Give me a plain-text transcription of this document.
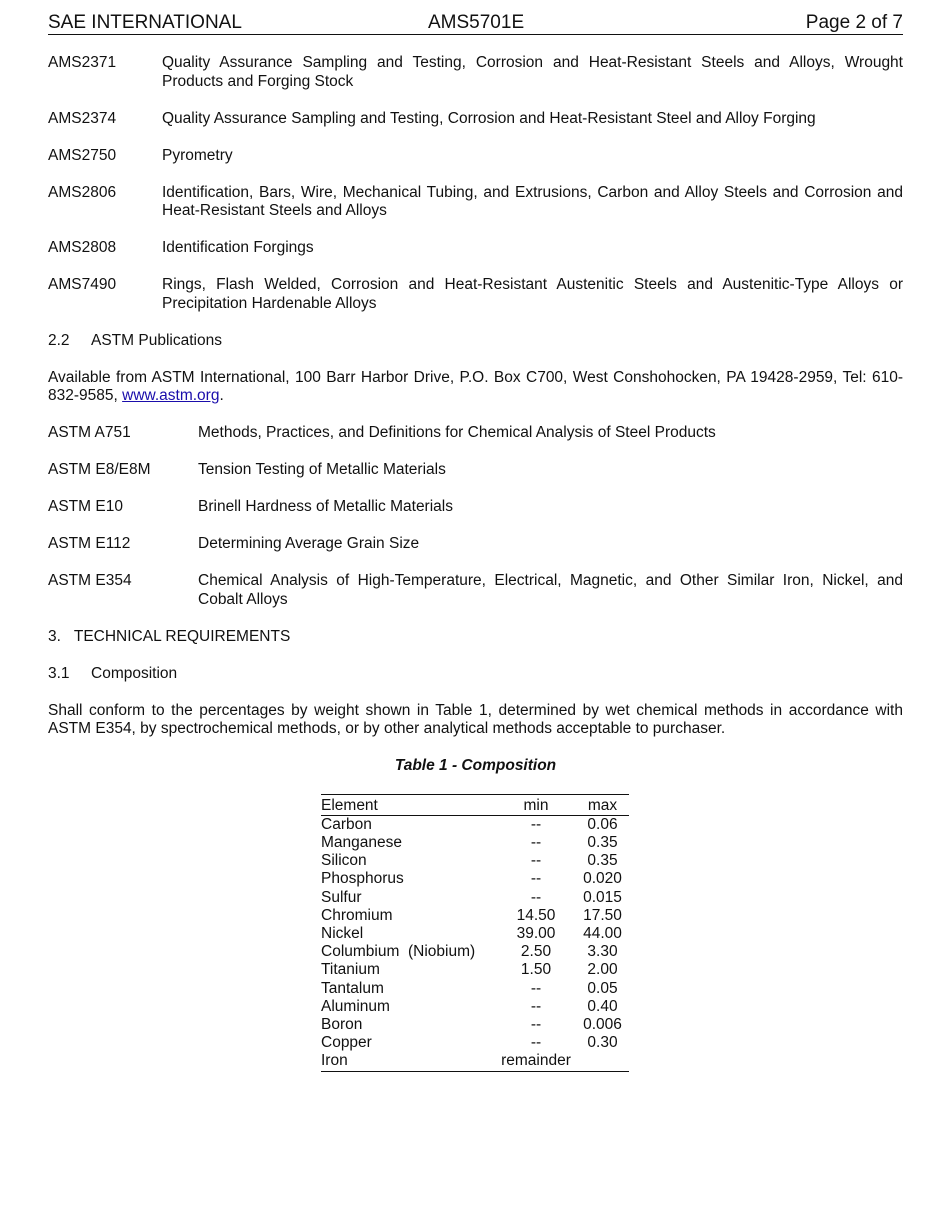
SAE INTERNATIONAL	AMS5701E	Page 2 of 7
AMS2371	Quality Assurance Sampling and Testing, Corrosion and Heat-Resistant Steels and Alloys, Wrought Products and Forging Stock
AMS2374	Quality Assurance Sampling and Testing, Corrosion and Heat-Resistant Steel and Alloy Forging
AMS2750	Pyrometry
AMS2806	Identification, Bars, Wire, Mechanical Tubing, and Extrusions, Carbon and Alloy Steels and Corrosion and Heat-Resistant Steels and Alloys
AMS2808	Identification Forgings
AMS7490	Rings, Flash Welded, Corrosion and Heat-Resistant Austenitic Steels and Austenitic-Type Alloys or Precipitation Hardenable Alloys
2.2 ASTM Publications
Available from ASTM International, 100 Barr Harbor Drive, P.O. Box C700, West Conshohocken, PA 19428-2959, Tel: 610-832-9585, www.astm.org.
ASTM A751	Methods, Practices, and Definitions for Chemical Analysis of Steel Products
ASTM E8/E8M	Tension Testing of Metallic Materials
ASTM E10	Brinell Hardness of Metallic Materials
ASTM E112	Determining Average Grain Size
ASTM E354	Chemical Analysis of High-Temperature, Electrical, Magnetic, and Other Similar Iron, Nickel, and Cobalt Alloys
3. TECHNICAL REQUIREMENTS
3.1 Composition
Shall conform to the percentages by weight shown in Table 1, determined by wet chemical methods in accordance with ASTM E354, by spectrochemical methods, or by other analytical methods acceptable to purchaser.
Table 1 - Composition
Element	min	max
Carbon	--	0.06
Manganese	--	0.35
Silicon	--	0.35
Phosphorus	--	0.020
Sulfur	--	0.015
Chromium	14.50	17.50
Nickel	39.00	44.00
Columbium  (Niobium)	2.50	3.30
Titanium	1.50	2.00
Tantalum	--	0.05
Aluminum	--	0.40
Boron	--	0.006
Copper	--	0.30
Iron	remainder	
